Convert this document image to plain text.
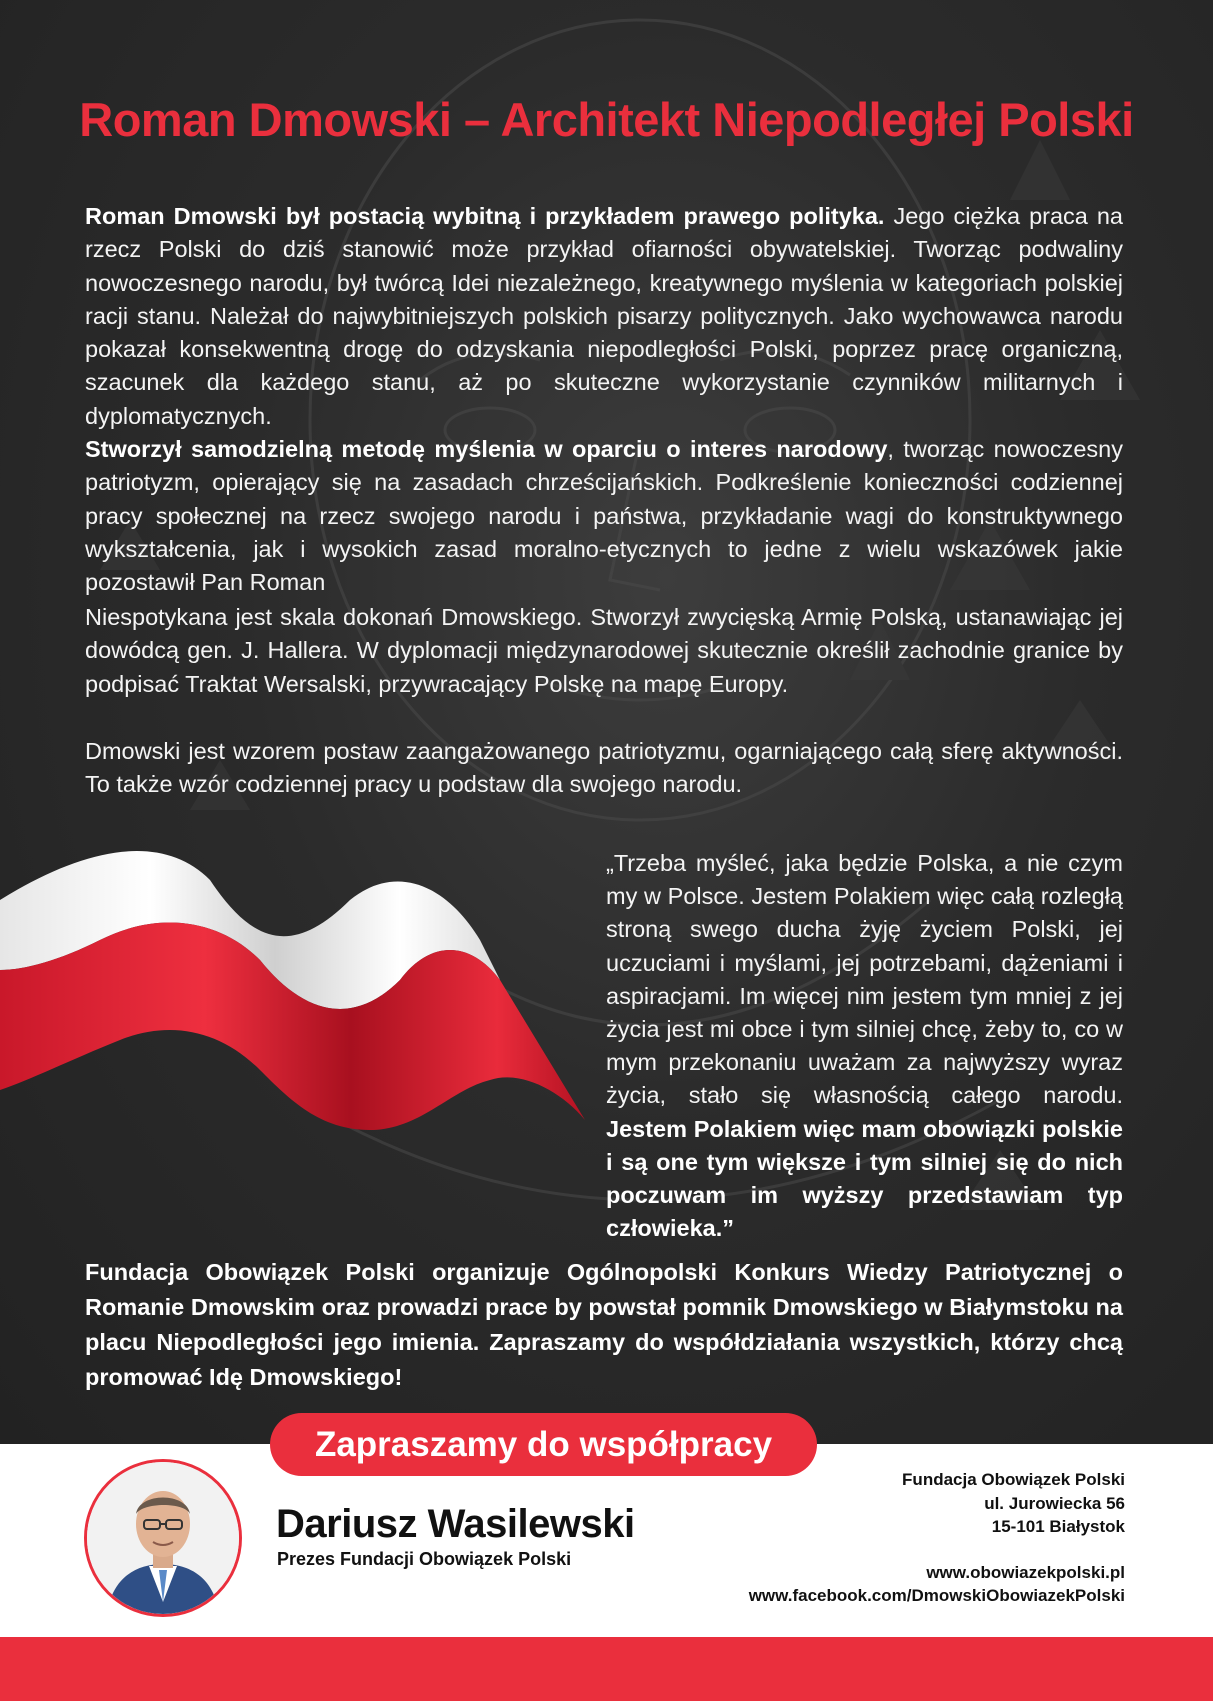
Roman Dmowski – Architekt Niepodległej Polski

Roman Dmowski był postacią wybitną i przykładem prawego polityka. Jego ciężka praca na rzecz Polski do dziś stanowić może przykład ofiarności obywatelskiej. Tworząc podwaliny nowoczesnego narodu, był twórcą Idei niezależnego, kreatywnego myślenia w kategoriach polskiej racji stanu. Należał do najwybitniejszych polskich pisarzy politycznych. Jako wychowawca narodu pokazał konsekwentną drogę do odzyskania niepodległości Polski, poprzez pracę organiczną, szacunek dla każdego stanu, aż po skuteczne wykorzystanie czynników militarnych i dyplomatycznych.

Stworzył samodzielną metodę myślenia w oparciu o interes narodowy, tworząc nowoczesny patriotyzm, opierający się na zasadach chrześcijańskich. Podkreślenie konieczności codziennej pracy społecznej na rzecz swojego narodu i państwa, przykładanie wagi do konstruktywnego wykształcenia, jak i wysokich zasad moralno-etycznych to jedne z wielu wskazówek jakie pozostawił Pan Roman

Niespotykana jest skala dokonań Dmowskiego. Stworzył zwycięską Armię Polską, ustanawiając jej dowódcą gen. J. Hallera. W dyplomacji międzynarodowej skutecznie określił zachodnie granice by podpisać Traktat Wersalski, przywracający Polskę na mapę Europy.

Dmowski jest wzorem postaw zaangażowanego patriotyzmu, ogarniającego całą sferę aktywności. To także wzór codziennej pracy u podstaw dla swojego narodu.

„Trzeba myśleć, jaka będzie Polska, a nie czym my w Polsce. Jestem Polakiem więc całą rozległą stroną swego ducha żyję życiem Polski, jej uczuciami i myślami, jej potrzebami, dążeniami i aspiracjami. Im więcej nim jestem tym mniej z jej życia jest mi obce i tym silniej chcę, żeby to, co w mym przekonaniu uważam za najwyższy wyraz życia, stało się własnością całego narodu. Jestem Polakiem więc mam obowiązki polskie i są one tym większe i tym silniej się do nich poczuwam im wyższy przedstawiam typ człowieka.”

Fundacja Obowiązek Polski organizuje Ogólnopolski Konkurs Wiedzy Patriotycznej o Romanie Dmowskim oraz prowadzi prace by powstał pomnik Dmowskiego w Białymstoku na placu Niepodległości jego imienia. Zapraszamy do współdziałania wszystkich, którzy chcą promować Idę Dmowskiego!

Zapraszamy do współpracy
Dariusz Wasilewski

Prezes Fundacji Obowiązek Polski

Fundacja Obowiązek Polski
ul. Jurowiecka 56
15-101 Białystok
www.obowiazekpolski.pl
www.facebook.com/DmowskiObowiazekPolski
